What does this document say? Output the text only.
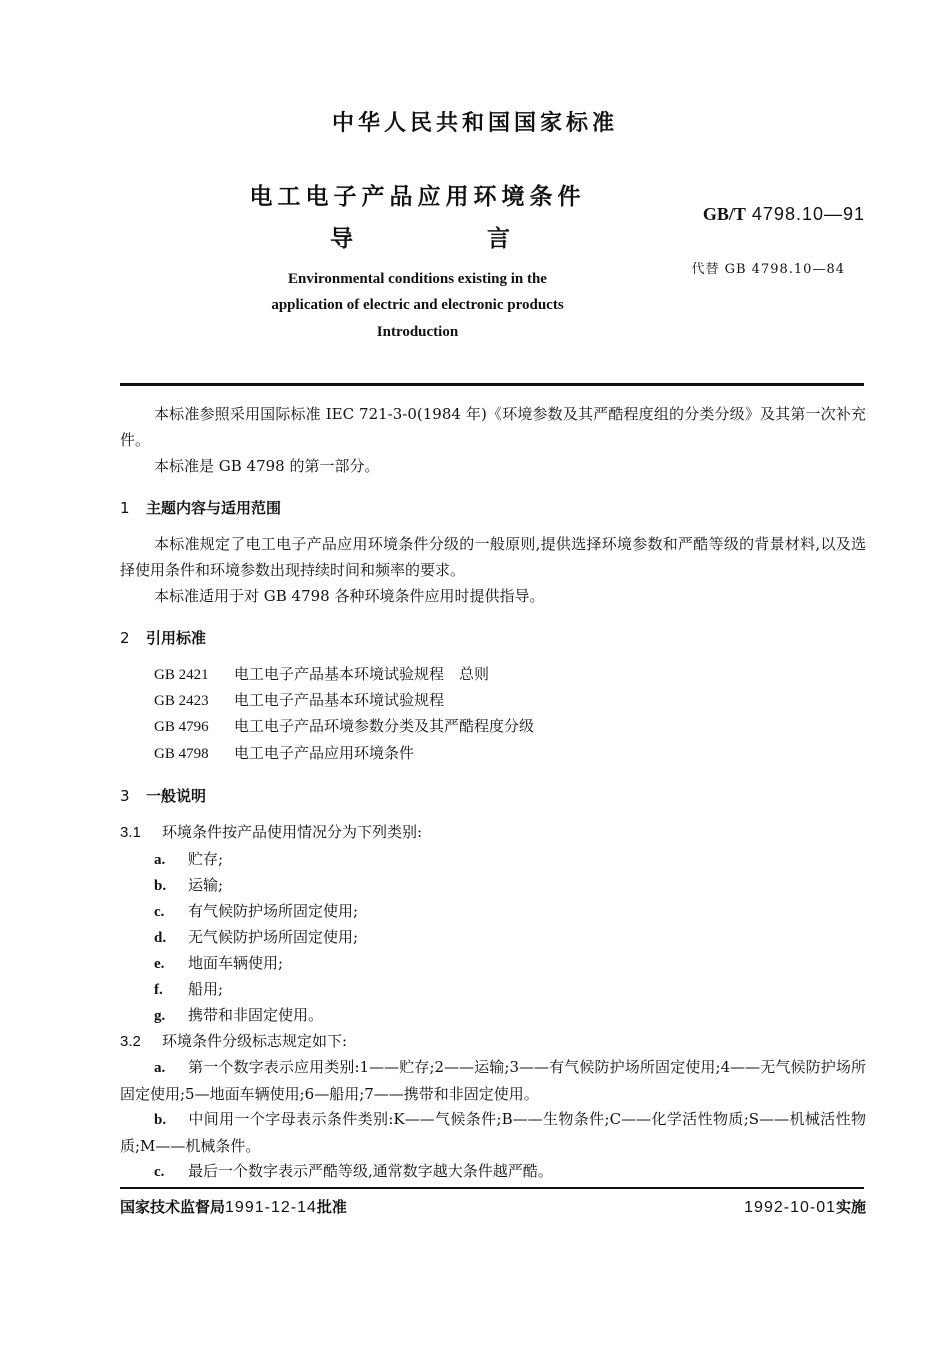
中华人民共和国国家标准
电工电子产品应用环境条件
导	言
GB/T 4798.10—91
代替 GB 4798.10—84
Environmental conditions existing in the
application of electric and electronic products
Introduction
本标准参照采用国际标准 IEC 721-3-0(1984 年)《环境参数及其严酷程度组的分类分级》及其第一次补充件。
本标准是 GB 4798 的第一部分。
1 主题内容与适用范围
本标准规定了电工电子产品应用环境条件分级的一般原则,提供选择环境参数和严酷等级的背景材料,以及选择使用条件和环境参数出现持续时间和频率的要求。
本标准适用于对 GB 4798 各种环境条件应用时提供指导。
2 引用标准
GB 2421 电工电子产品基本环境试验规程　总则
GB 2423 电工电子产品基本环境试验规程
GB 4796 电工电子产品环境参数分类及其严酷程度分级
GB 4798 电工电子产品应用环境条件
3 一般说明
3.1 环境条件按产品使用情况分为下列类别:
a. 贮存;
b. 运输;
c. 有气候防护场所固定使用;
d. 无气候防护场所固定使用;
e. 地面车辆使用;
f. 船用;
g. 携带和非固定使用。
3.2 环境条件分级标志规定如下:
a. 第一个数字表示应用类别:1——贮存;2——运输;3——有气候防护场所固定使用;4——无气候防护场所固定使用;5—地面车辆使用;6—船用;7——携带和非固定使用。
b. 中间用一个字母表示条件类别:K——气候条件;B——生物条件;C——化学活性物质;S——机械活性物质;M——机械条件。
c. 最后一个数字表示严酷等级,通常数字越大条件越严酷。
国家技术监督局1991-12-14批准	1992-10-01实施
